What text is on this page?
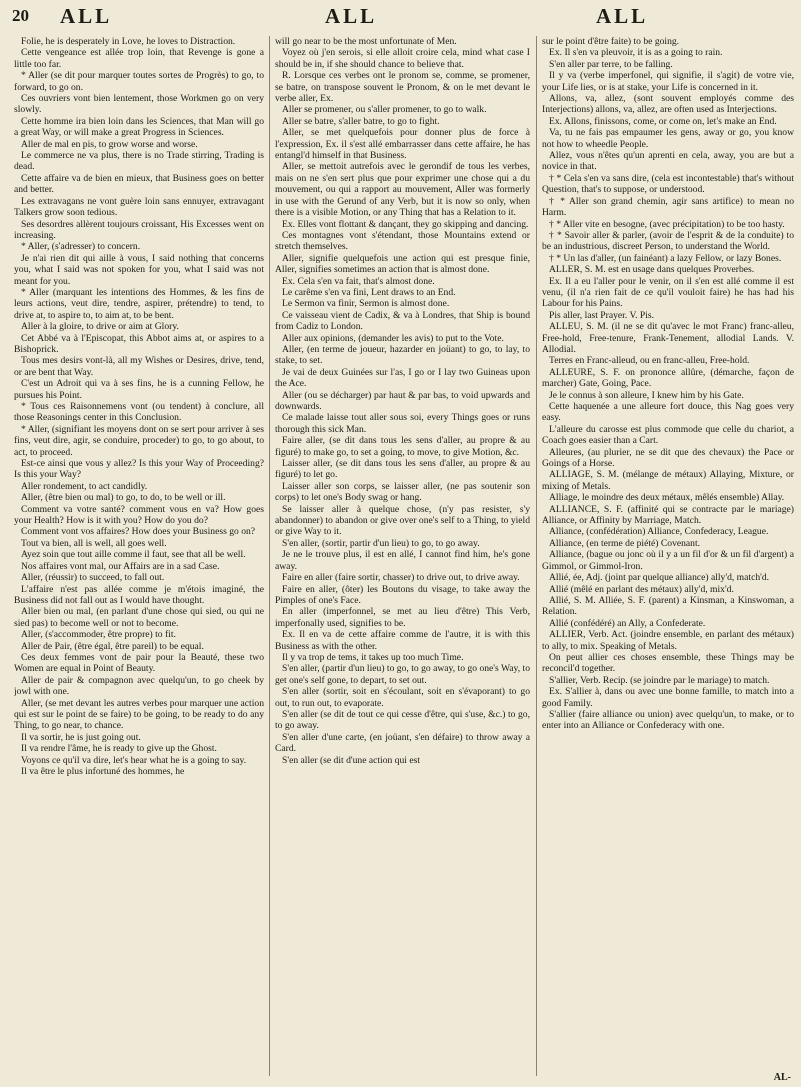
20 ALL	ALL	ALL

Folie, he is desperately in Love, he loves to Distraction.

Cette vengeance est allée trop loin, that Revenge is gone a little too far.

* Aller (se dit pour marquer toutes sortes de Progrès) to go, to forward, to go on.

Ces ouvriers vont bien lentement, those Workmen go on very slowly.

Cette homme ira bien loin dans les Sciences, that Man will go a great Way, or will make a great Progress in Sciences.

Aller de mal en pis, to grow worse and worse.

Le commerce ne va plus, there is no Trade stirring, Trading is dead.

Cette affaire va de bien en mieux, that Business goes on better and better.

Les extravagans ne vont guère loin sans ennuyer, extravagant Talkers grow soon tedious.

Ses desordres allèrent toujours croissant, His Excesses went on increasing.

* Aller, (s'adresser) to concern.

Je n'ai rien dit qui aille à vous, I said nothing that concerns you, what I said was not spoken for you, what I said was not meant for you.

* Aller (marquant les intentions des Hommes, & les fins de leurs actions, veut dire, tendre, aspirer, prétendre) to tend, to drive at, to aspire to, to aim at, to be bent.

Aller à la gloire, to drive or aim at Glory.

Cet Abbé va à l'Episcopat, this Abbot aims at, or aspires to a Bishoprick.

Tous mes desirs vont-là, all my Wishes or Desires, drive, tend, or are bent that Way.

C'est un Adroit qui va à ses fins, he is a cunning Fellow, he pursues his Point.

* Tous ces Raisonnemens vont (ou tendent) à conclure, all those Reasonings center in this Conclusion.

* Aller, (signifiant les moyens dont on se sert pour arriver à ses fins, veut dire, agir, se conduire, proceder) to go, to go about, to act, to proceed.

Est-ce ainsi que vous y allez? Is this your Way of Proceeding? Is this your Way?

Aller rondement, to act candidly.

Aller, (être bien ou mal) to go, to do, to be well or ill.

Comment va votre santé? comment vous en va? How goes your Health? How is it with you? How do you do?

Comment vont vos affaires? How does your Business go on?

Tout va bien, all is well, all goes well.

Ayez soin que tout aille comme il faut, see that all be well.

Nos affaires vont mal, our Affairs are in a sad Case.

Aller, (réussir) to succeed, to fall out.

L'affaire n'est pas allée comme je m'étois imaginé, the Business did not fall out as I would have thought.

Aller bien ou mal, (en parlant d'une chose qui sied, ou qui ne sied pas) to become well or not to become.

Aller, (s'accommoder, être propre) to fit.

Aller de Pair, (être égal, être pareil) to be equal.

Ces deux femmes vont de pair pour la Beauté, these two Women are equal in Point of Beauty.

Aller de pair & compagnon avec quelqu'un, to go cheek by jowl with one.

Aller, (se met devant les autres verbes pour marquer une action qui est sur le point de se faire) to be going, to be ready to do any Thing, to go near, to chance.

Il va sortir, he is just going out.

Il va rendre l'âme, he is ready to give up the Ghost.

Voyons ce qu'il va dire, let's hear what he is a going to say.

Il va être le plus infortuné des hommes, he

will go near to be the most unfortunate of Men.

Voyez où j'en serois, si elle alloit croire cela, mind what case I should be in, if she should chance to believe that.

R. Lorsque ces verbes ont le pronom se, comme, se promener, se batre, on transpose souvent le Pronom, & on le met devant le verbe aller, Ex.

Aller se promener, ou s'aller promener, to go to walk.

Aller se batre, s'aller batre, to go to fight.

Aller, se met quelquefois pour donner plus de force à l'expression, Ex. il s'est allé embarrasser dans cette affaire, he has entangl'd himself in that Business.

Aller, se mettoit autrefois avec le gerondif de tous les verbes, mais on ne s'en sert plus que pour exprimer une chose qui a du mouvement, ou qui a rapport au mouvement, Aller was formerly in use with the Gerund of any Verb, but it is now so only, when there is a visible Motion, or any Thing that has a Relation to it.

Ex. Elles vont flottant & dançant, they go skipping and dancing.

Ces montagnes vont s'étendant, those Mountains extend or stretch themselves.

Aller, signifie quelquefois une action qui est presque finie, Aller, signifies sometimes an action that is almost done.

Ex. Cela s'en va fait, that's almost done.

Le carême s'en va fini, Lent draws to an End.

Le Sermon va finir, Sermon is almost done.

Ce vaisseau vient de Cadix, & va à Londres, that Ship is bound from Cadiz to London.

Aller aux opinions, (demander les avis) to put to the Vote.

Aller, (en terme de joueur, hazarder en joüant) to go, to lay, to stake, to set.

Je vai de deux Guinées sur l'as, I go or I lay two Guineas upon the Ace.

Aller (ou se décharger) par haut & par bas, to void upwards and downwards.

Ce malade laisse tout aller sous soi, every Things goes or runs thorough this sick Man.

Faire aller, (se dit dans tous les sens d'aller, au propre & au figuré) to make go, to set a going, to move, to give Motion, &c.

Laisser aller, (se dit dans tous les sens d'aller, au propre & au figuré) to let go.

Laisser aller son corps, se laisser aller, (ne pas soutenir son corps) to let one's Body swag or hang.

Se laisser aller à quelque chose, (n'y pas resister, s'y abandonner) to abandon or give over one's self to a Thing, to yield or give Way to it.

S'en aller, (sortir, partir d'un lieu) to go, to go away.

Je ne le trouve plus, il est en allé, I cannot find him, he's gone away.

Faire en aller (faire sortir, chasser) to drive out, to drive away.

Faire en aller, (ôter) les Boutons du visage, to take away the Pimples of one's Face.

En aller (imperfonnel, se met au lieu d'être) This Verb, imperfonally used, signifies to be.

Ex. Il en va de cette affaire comme de l'autre, it is with this Business as with the other.

Il y va trop de tems, it takes up too much Time.

S'en aller, (partir d'un lieu) to go, to go away, to go one's Way, to get one's self gone, to depart, to set out.

S'en aller (sortir, soit en s'écoulant, soit en s'évaporant) to go out, to run out, to evaporate.

S'en aller (se dit de tout ce qui cesse d'être, qui s'use, &c.) to go, to go away.

S'en aller d'une carte, (en joüant, s'en défaire) to throw away a Card.

S'en aller (se dit d'une action qui est

sur le point d'être faite) to be going.

Ex. Il s'en va pleuvoir, it is as a going to rain.

S'en aller par terre, to be falling.

Il y va (verbe imperfonel, qui signifie, il s'agit) de votre vie, your Life lies, or is at stake, your Life is concerned in it.

Allons, va, allez, (sont souvent employés comme des Interjections) allons, va, allez, are often used as Interjections.

Ex. Allons, finissons, come, or come on, let's make an End.

Va, tu ne fais pas empaumer les gens, away or go, you know not how to wheedle People.

Allez, vous n'êtes qu'un aprenti en cela, away, you are but a novice in that.

† * Cela s'en va sans dire, (cela est incontestable) that's without Question, that's to suppose, or understood.

† * Aller son grand chemin, agir sans artifice) to mean no Harm.

† * Aller vite en besogne, (avec précipitation) to be too hasty.

† * Savoir aller & parler, (avoir de l'esprit & de la conduite) to be an industrious, discreet Person, to understand the World.

† * Un las d'aller, (un fainéant) a lazy Fellow, or lazy Bones.

ALLER, S. M. est en usage dans quelques Proverbes.

Ex. Il a eu l'aller pour le venir, on il s'en est allé comme il est venu, (il n'a rien fait de ce qu'il vouloit faire) he has had his Labour for his Pains.

Pis aller, last Prayer. V. Pis.

ALLEU, S. M. (il ne se dit qu'avec le mot Franc) franc-alleu, Free-hold, Free-tenure, Frank-Tenement, allodial Lands. V. Allodial.

Terres en Franc-alleud, ou en franc-alleu, Free-hold.

ALLEURE, S. F. on prononce allûre, (démarche, façon de marcher) Gate, Going, Pace.

Je le connus à son alleure, I knew him by his Gate.

Cette haquenée a une alleure fort douce, this Nag goes very easy.

L'alleure du carosse est plus commode que celle du chariot, a Coach goes easier than a Cart.

Alleures, (au plurier, ne se dit que des chevaux) the Pace or Goings of a Horse.

ALLIAGE, S. M. (mélange de métaux) Allaying, Mixture, or mixing of Metals.

Alliage, le moindre des deux métaux, mêlés ensemble) Allay.

ALLIANCE, S. F. (affinité qui se contracte par le mariage) Alliance, or Affinity by Marriage, Match.

Alliance, (confédération) Alliance, Confederacy, League.

Alliance, (en terme de piété) Covenant.

Alliance, (bague ou jonc où il y a un fil d'or & un fil d'argent) a Gimmol, or Gimmol-Iron.

Allié, ée, Adj. (joint par quelque alliance) ally'd, match'd.

Allié (mêlé en parlant des métaux) ally'd, mix'd.

Allié, S. M. Alliée, S. F. (parent) a Kinsman, a Kinswoman, a Relation.

Allié (confédéré) an Ally, a Confederate.

ALLIER, Verb. Act. (joindre ensemble, en parlant des métaux) to ally, to mix. Speaking of Metals.

On peut allier ces choses ensemble, these Things may be reconcil'd together.

S'allier, Verb. Recip. (se joindre par le mariage) to match.

Ex. S'allier à, dans ou avec une bonne famille, to match into a good Family.

S'allier (faire alliance ou union) avec quelqu'un, to make, or to enter into an Alliance or Confederacy with one.

AL-
